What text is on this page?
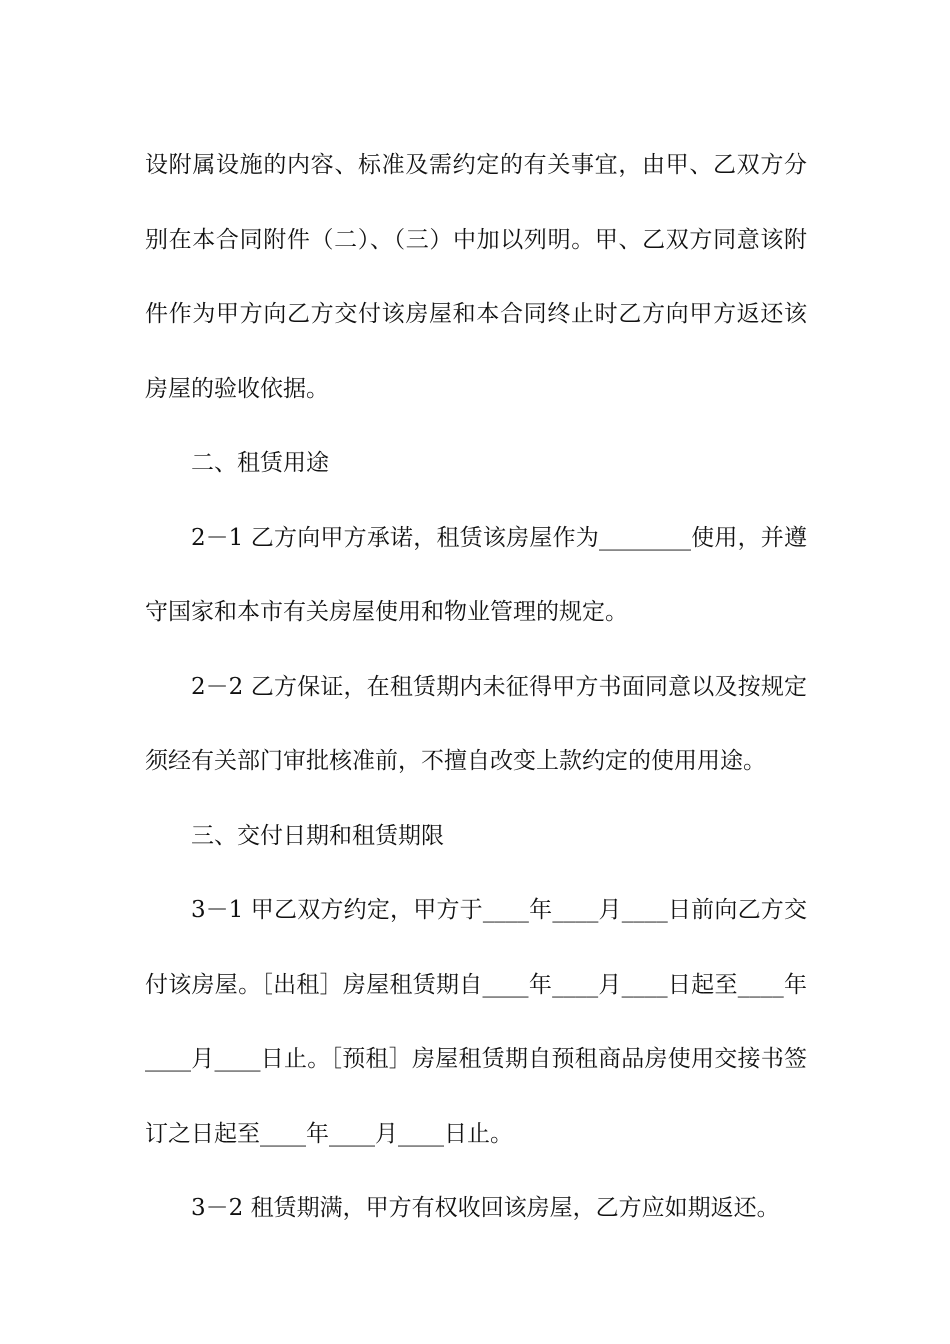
设附属设施的内容、标准及需约定的有关事宜，由甲、乙双方分别在本合同附件（二）、（三）中加以列明。甲、乙双方同意该附件作为甲方向乙方交付该房屋和本合同终止时乙方向甲方返还该房屋的验收依据。

二、租赁用途

2－1 乙方向甲方承诺，租赁该房屋作为________使用，并遵守国家和本市有关房屋使用和物业管理的规定。

2－2 乙方保证，在租赁期内未征得甲方书面同意以及按规定须经有关部门审批核准前，不擅自改变上款约定的使用用途。

三、交付日期和租赁期限

3－1 甲乙双方约定，甲方于____年____月____日前向乙方交付该房屋。［出租］房屋租赁期自____年____月____日起至____年____月____日止。［预租］房屋租赁期自预租商品房使用交接书签订之日起至____年____月____日止。

3－2 租赁期满，甲方有权收回该房屋，乙方应如期返还。
